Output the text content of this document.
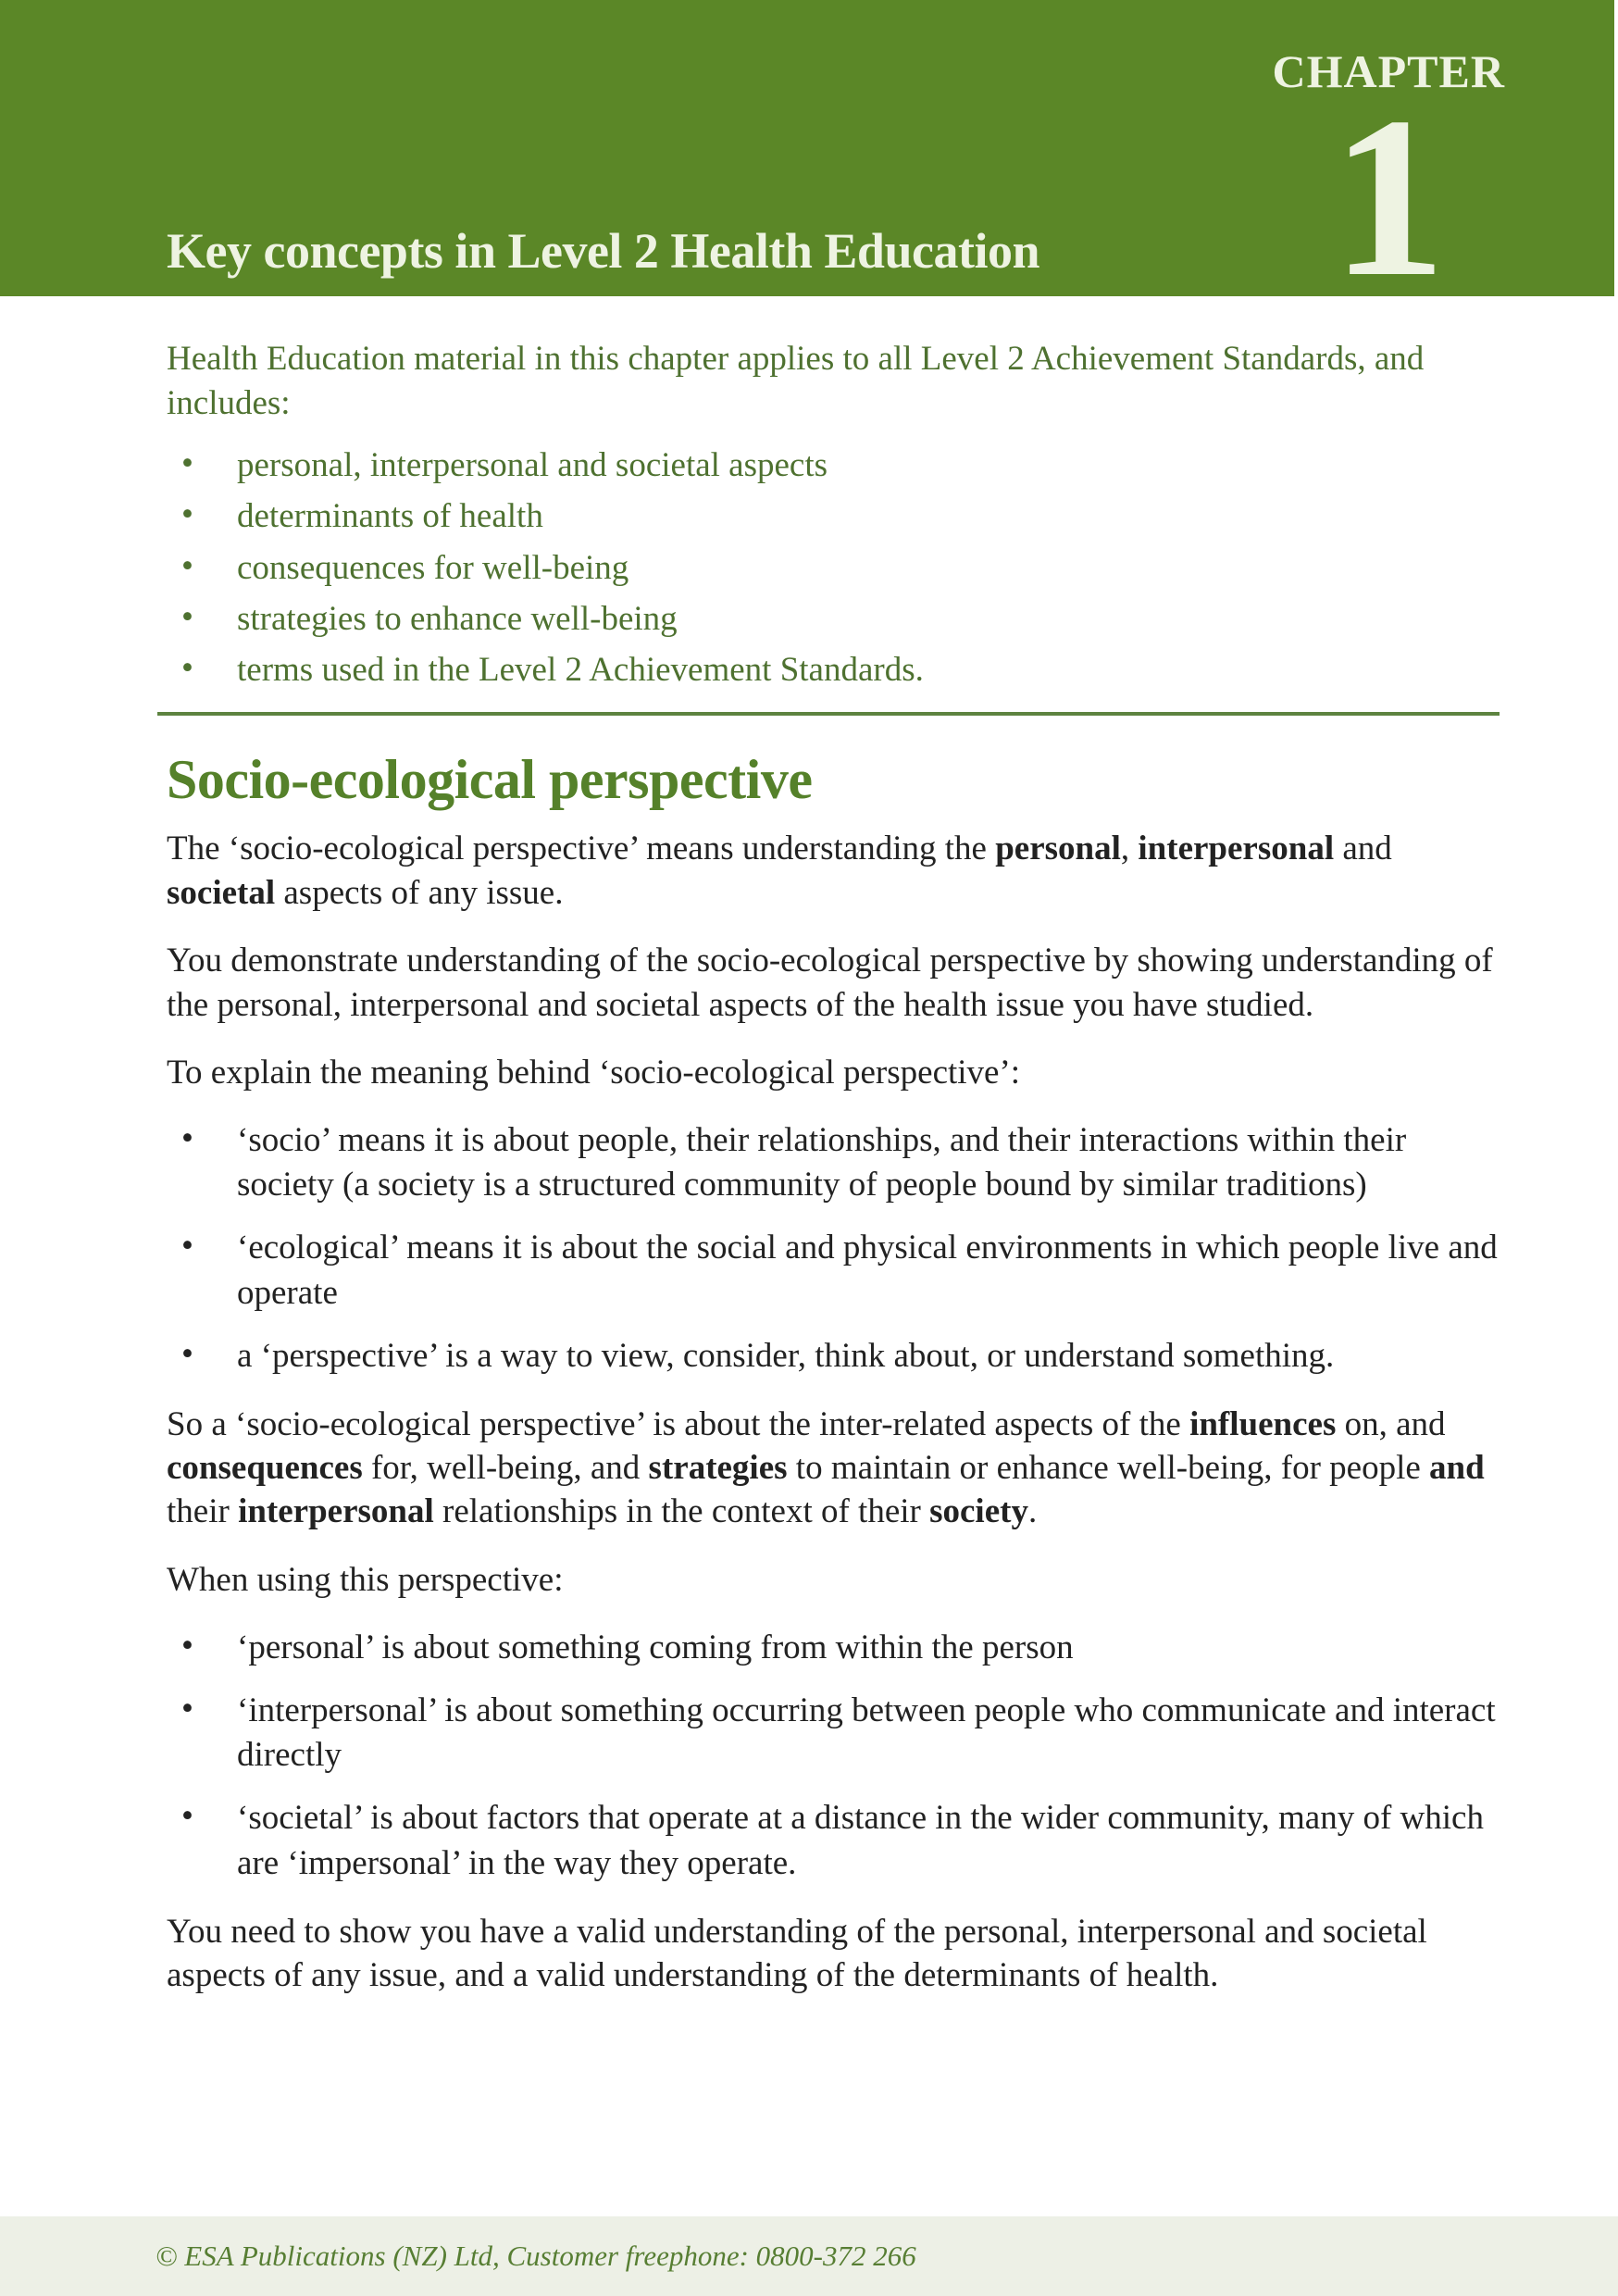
CHAPTER
1
Key concepts in Level 2 Health Education

Health Education material in this chapter applies to all Level 2 Achievement Standards, and includes:

• personal, interpersonal and societal aspects
• determinants of health
• consequences for well-being
• strategies to enhance well-being
• terms used in the Level 2 Achievement Standards.
Socio-ecological perspective

The ‘socio-ecological perspective’ means understanding the personal, interpersonal and societal aspects of any issue.

You demonstrate understanding of the socio-ecological perspective by showing understanding of the personal, interpersonal and societal aspects of the health issue you have studied.

To explain the meaning behind ‘socio-ecological perspective’:

• ‘socio’ means it is about people, their relationships, and their interactions within their society (a society is a structured community of people bound by similar traditions)
• ‘ecological’ means it is about the social and physical environments in which people live and operate
• a ‘perspective’ is a way to view, consider, think about, or understand something.

So a ‘socio-ecological perspective’ is about the inter-related aspects of the influences on, and consequences for, well-being, and strategies to maintain or enhance well-being, for people and their interpersonal relationships in the context of their society.

When using this perspective:

• ‘personal’ is about something coming from within the person
• ‘interpersonal’ is about something occurring between people who communicate and interact directly
• ‘societal’ is about factors that operate at a distance in the wider community, many of which are ‘impersonal’ in the way they operate.

You need to show you have a valid understanding of the personal, interpersonal and societal aspects of any issue, and a valid understanding of the determinants of health.

© ESA Publications (NZ) Ltd, Customer freephone: 0800-372 266
